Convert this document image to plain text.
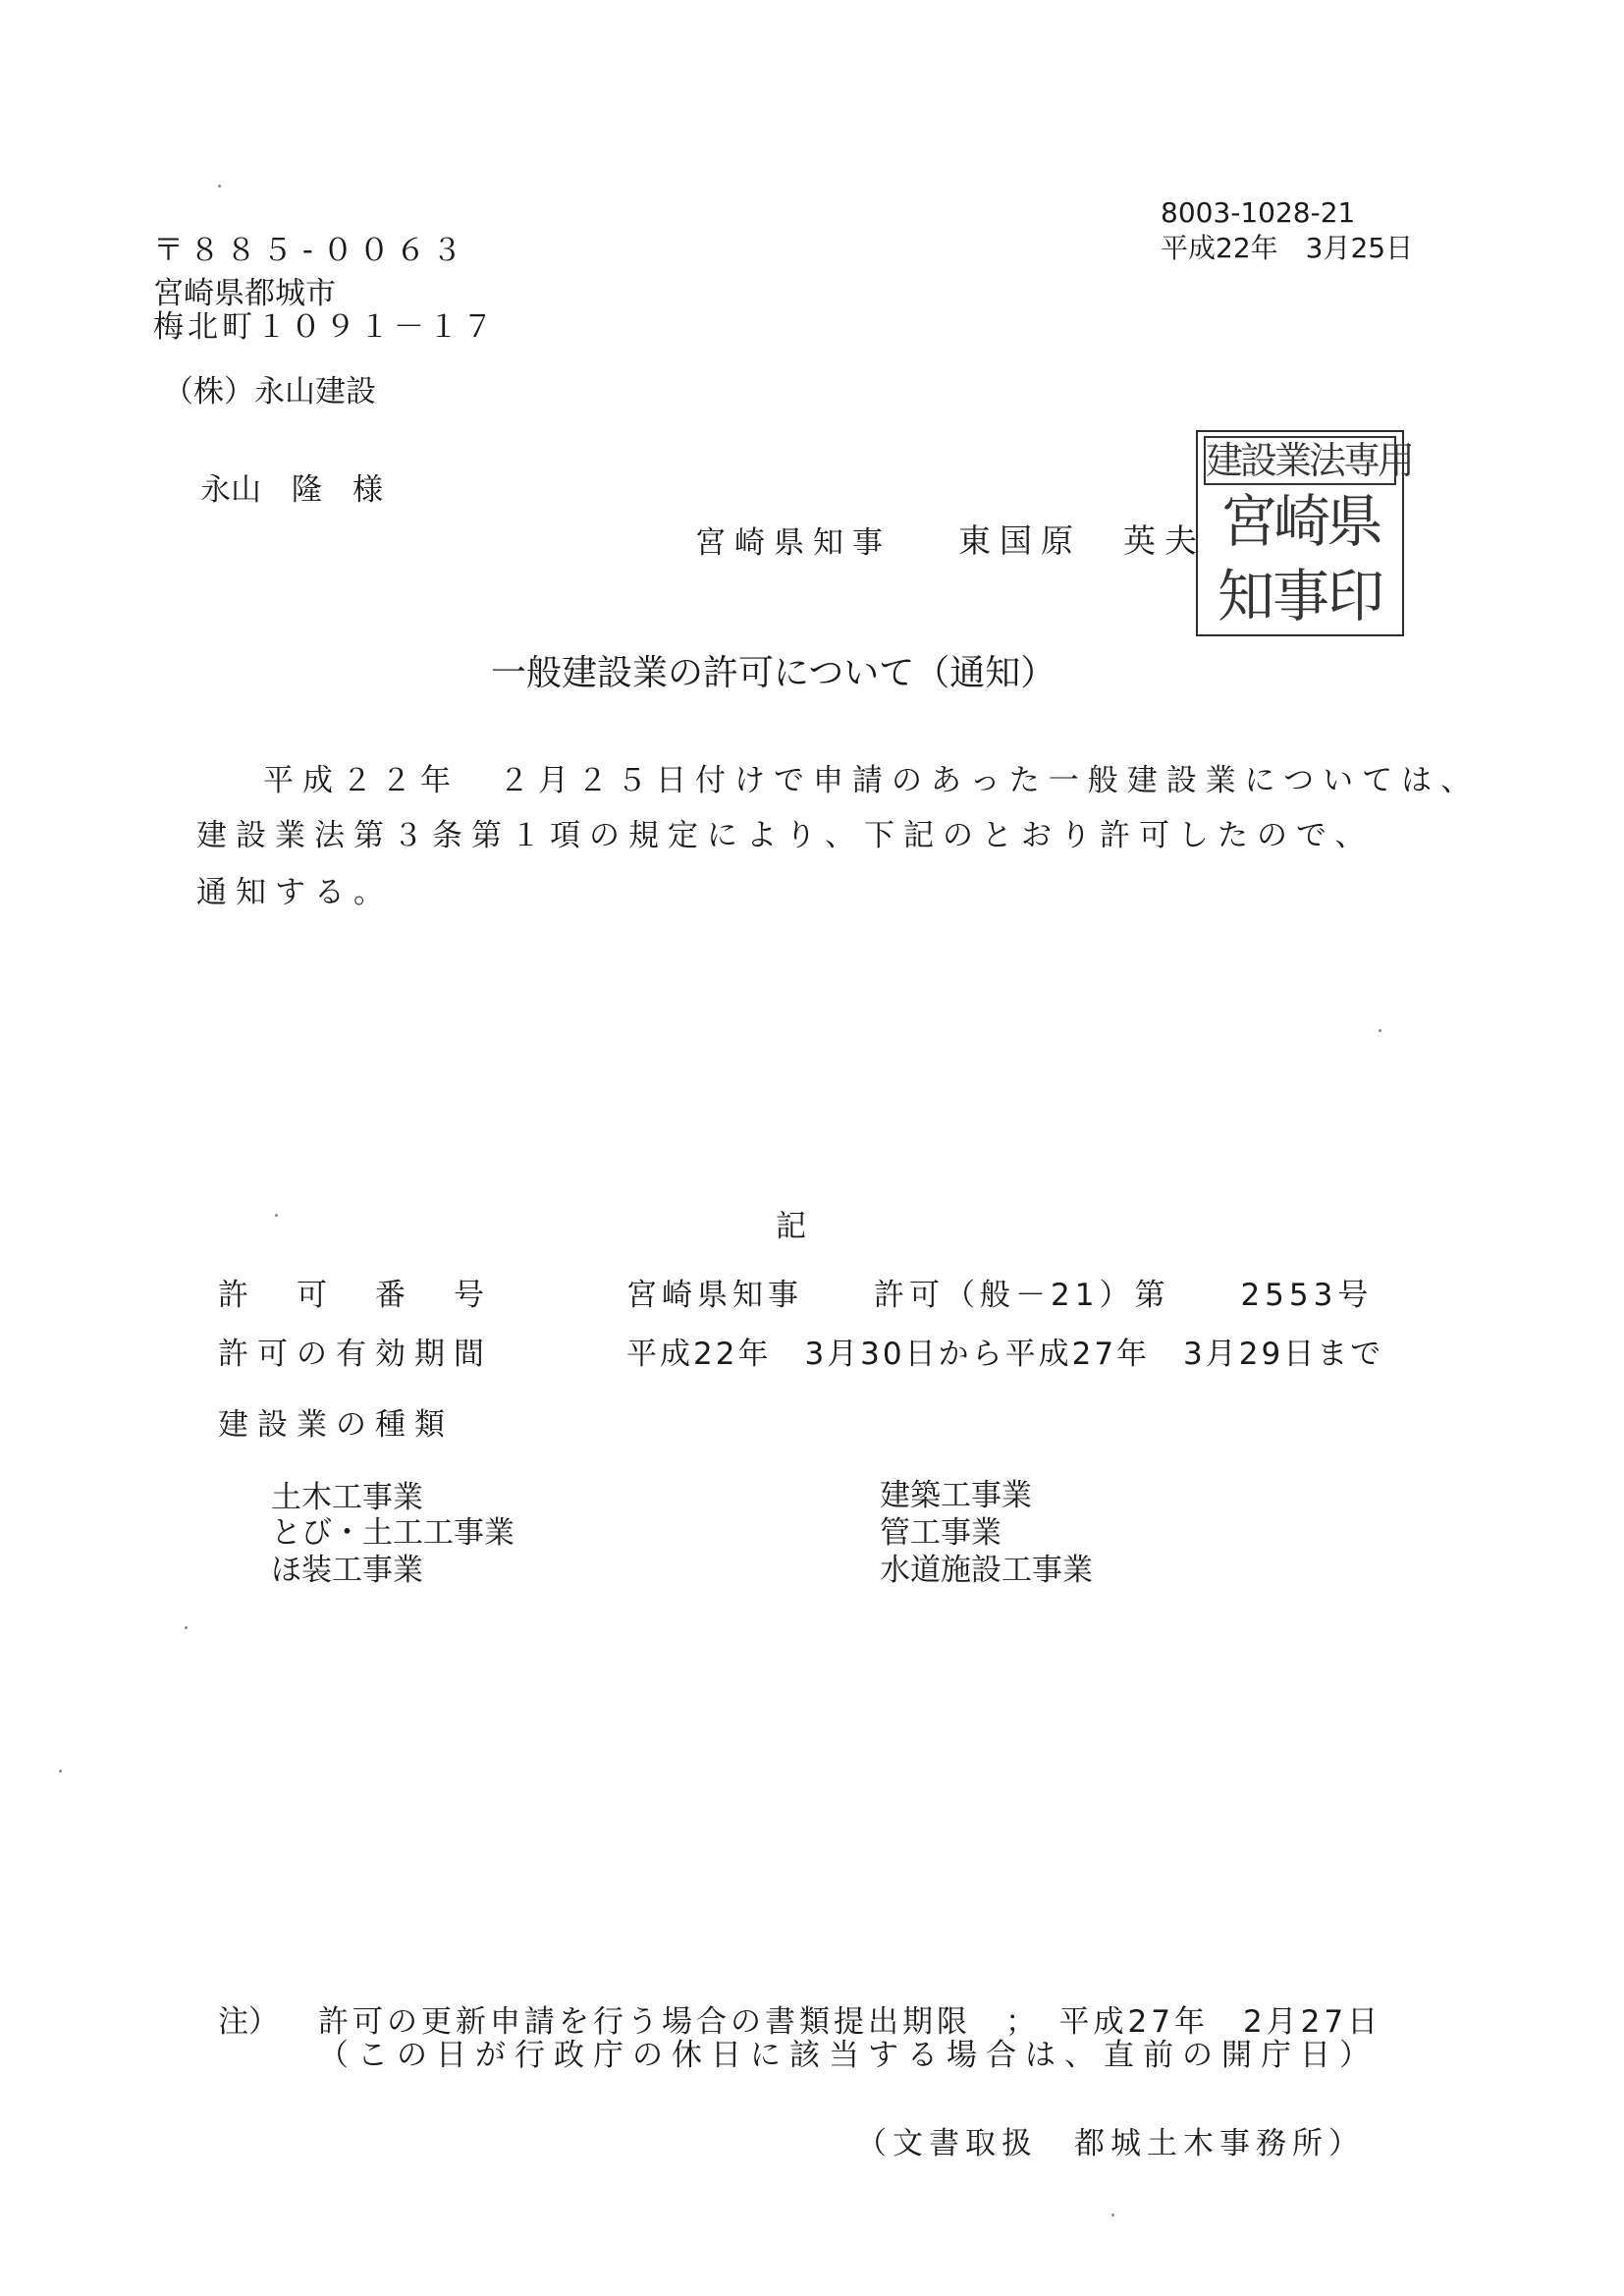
8003-1028-21
平成22年　3月25日
〒８８５-００６３
宮崎県都城市
梅北町１０９１－１７
（株）永山建設
永山　隆　様
宮崎県知事 東国原　英夫
建設業法専用
宮崎県
知事印
一般建設業の許可について（通知）
平成２２年　２月２５日付けで申請のあった一般建設業については、
建設業法第３条第１項の規定により、下記のとおり許可したので、
通知する。
記
許　可　番　号	宮崎県知事　　許可（般－21）第　　2553号
許可の有効期間	平成22年　3月30日から平成27年　3月29日まで
建設業の種類
土木工事業
とび・土工工事業
ほ装工事業
建築工事業
管工事業
水道施設工事業
注） 許可の更新申請を行う場合の書類提出期限　；　平成27年　2月27日
（この日が行政庁の休日に該当する場合は、直前の開庁日）
（文書取扱　都城土木事務所）
